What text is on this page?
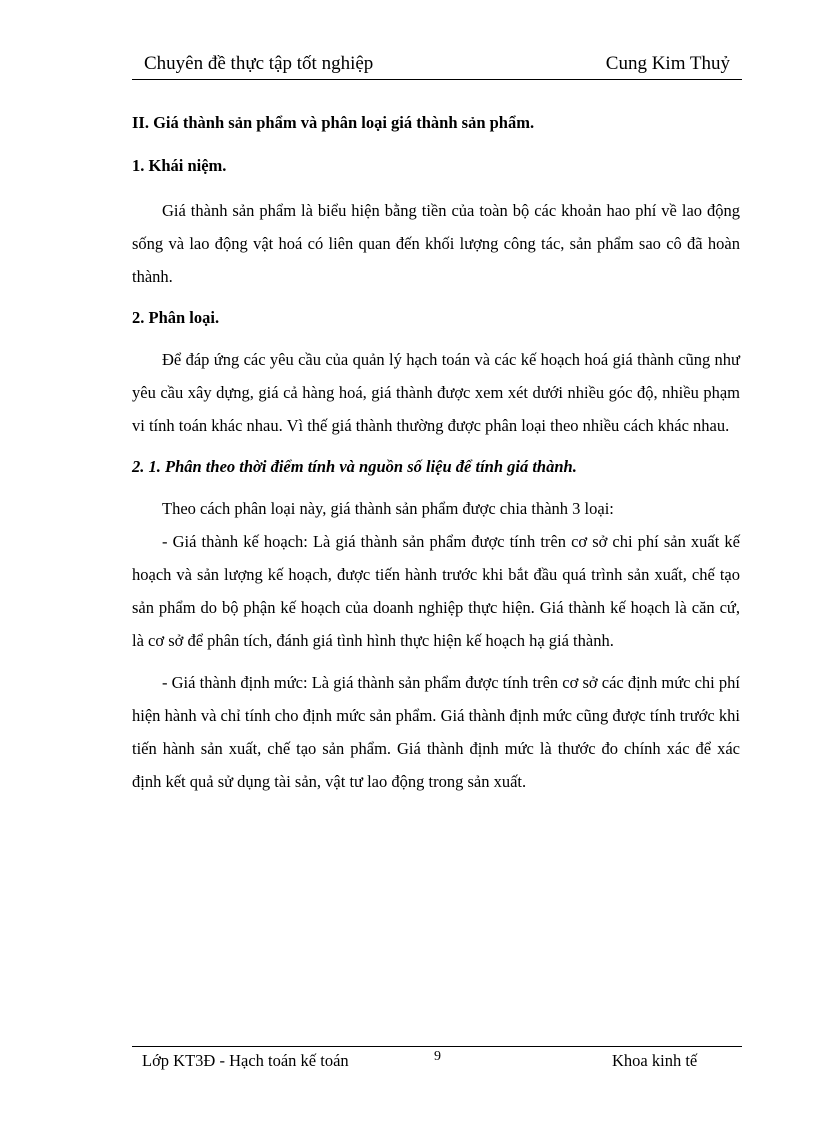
Chuyên đề thực tập tốt nghiệp	Cung Kim Thuỷ
II. Giá thành sản phẩm và phân loại giá thành sản phẩm.
1. Khái niệm.

Giá thành sản phẩm là biểu hiện bằng tiền của toàn bộ các khoản hao phí về lao động sống và lao động vật hoá có liên quan đến khối lượng công tác, sản phẩm sao cô đã hoàn thành.

2. Phân loại.

Để đáp ứng các yêu cầu của quản lý hạch toán và các kế hoạch hoá giá thành cũng như yêu cầu xây dựng, giá cả hàng hoá, giá thành được xem xét dưới nhiều góc độ, nhiều phạm vi tính toán khác nhau. Vì thế giá thành thường được phân loại theo nhiều cách khác nhau.

2. 1. Phân theo thời điểm tính và nguồn số liệu để tính giá thành.

Theo cách phân loại này, giá thành sản phẩm được chia thành 3 loại:

- Giá thành kế hoạch: Là giá thành sản phẩm được tính trên cơ sở chi phí sản xuất kế hoạch và sản lượng kế hoạch, được tiến hành trước khi bắt đầu quá trình sản xuất, chế tạo sản phẩm do bộ phận kế hoạch của doanh nghiệp thực hiện. Giá thành kế hoạch là căn cứ, là cơ sở để phân tích, đánh giá tình hình thực hiện kế hoạch hạ giá thành.

- Giá thành định mức: Là giá thành sản phẩm được tính trên cơ sở các định mức chi phí hiện hành và chỉ tính cho định mức sản phẩm. Giá thành định mức cũng được tính trước khi tiến hành sản xuất, chế tạo sản phẩm. Giá thành định mức là thước đo chính xác để xác định kết quả sử dụng tài sản, vật tư lao động trong sản xuất.

Lớp KT3Đ - Hạch toán kế toán	9	Khoa kinh tế
